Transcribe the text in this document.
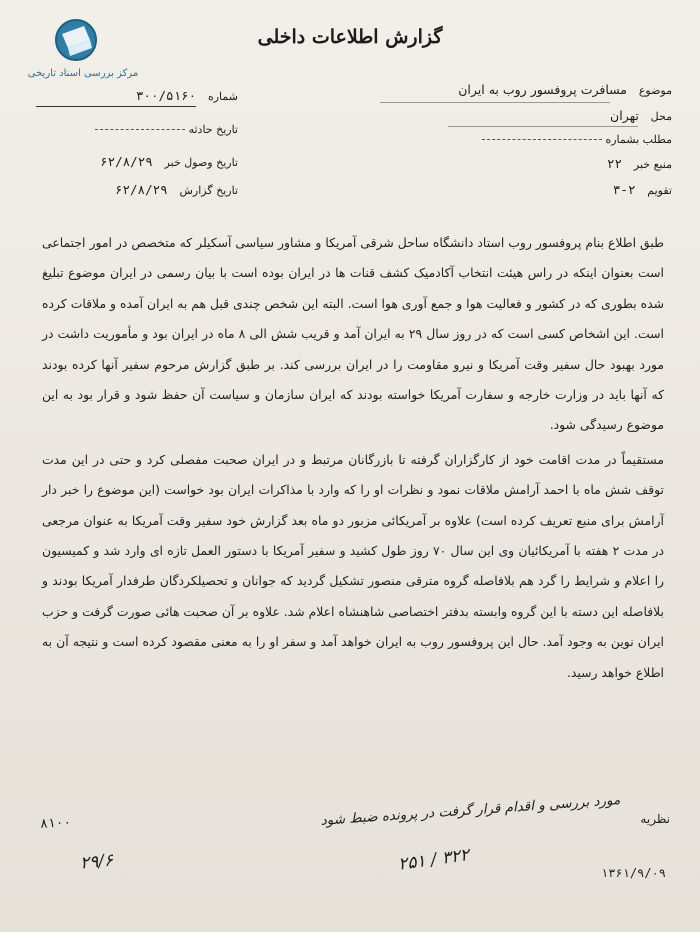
مرکز بررسی اسناد تاریخی
گزارش اطلاعات داخلی
شماره ۳۰۰/۵۱۶۰
تاریخ حادثه
تاریخ وصول خبر ۶۲/۸/۲۹
تاریخ گزارش ۶۲/۸/۲۹
موضوع مسافرت پروفسور روب به ایران
محل تهران
مطلب بشماره
منبع خبر ۲۲
تقویم ۲-۳

طبق اطلاع بنام پروفسور روب استاد دانشگاه ساحل شرقی آمریکا و مشاور سیاسی آسکیلر که متخصص در امور اجتماعی است بعنوان اینکه در راس هیئت انتخاب آکادمیک کشف قنات ها در ایران بوده است با بیان رسمی در ایران موضوع تبلیغ شده بطوری که در کشور و فعالیت هوا و جمع آوری هوا است. البته این شخص چندی قبل هم به ایران آمده و ملاقات کرده است. این اشخاص کسی است که در روز سال ۲۹ به ایران آمد و قریب شش الی ۸ ماه در ایران بود و مأموریت داشت در مورد بهبود حال سفیر وقت آمریکا و نیرو مقاومت را در ایران بررسی کند. بر طبق گزارش مرحوم سفیر آنها کرده بودند که آنها باید در وزارت خارجه و سفارت آمریکا خواسته بودند که ایران سازمان و سیاست آن حفظ شود و قرار بود به این موضوع رسیدگی شود.

مستقیماً در مدت اقامت خود از کارگزاران گرفته تا بازرگانان مرتبط و در ایران صحبت مفصلی کرد و حتی در این مدت توقف شش ماه با احمد آرامش ملاقات نمود و نظرات او را که وارد با مذاکرات ایران بود خواست (این موضوع را خبر دار آرامش برای منبع تعریف کرده است) علاوه بر آمریکائی مزبور دو ماه بعد گزارش خود سفیر وقت آمریکا به عنوان مرجعی در مدت ۲ هفته با آمریکائیان وی این سال ۷۰ روز طول کشید و سفیر آمریکا با دستور العمل تازه ای وارد شد و کمیسیون را اعلام و شرایط را گرد هم بلافاصله گروه مترقی منصور تشکیل گردید که جوانان و تحصیلکردگان طرفدار آمریکا بودند و بلافاصله این دسته با این گروه وابسته بدفتر اختصاصی شاهنشاه اعلام شد. علاوه بر آن صحبت هائی صورت گرفت و حزب ایران نوین به وجود آمد. حال این پروفسور روب به ایران خواهد آمد و سفر او را به معنی مقصود کرده است و نتیجه آن به اطلاع خواهد رسید.

نظریه
مورد بررسی و اقدام قرار گرفت در پرونده ضبط شود
۸۱۰۰
۲۹/۶	۳۲۲ / ۲۵۱
۱۳۶۱/۹/۰۹
